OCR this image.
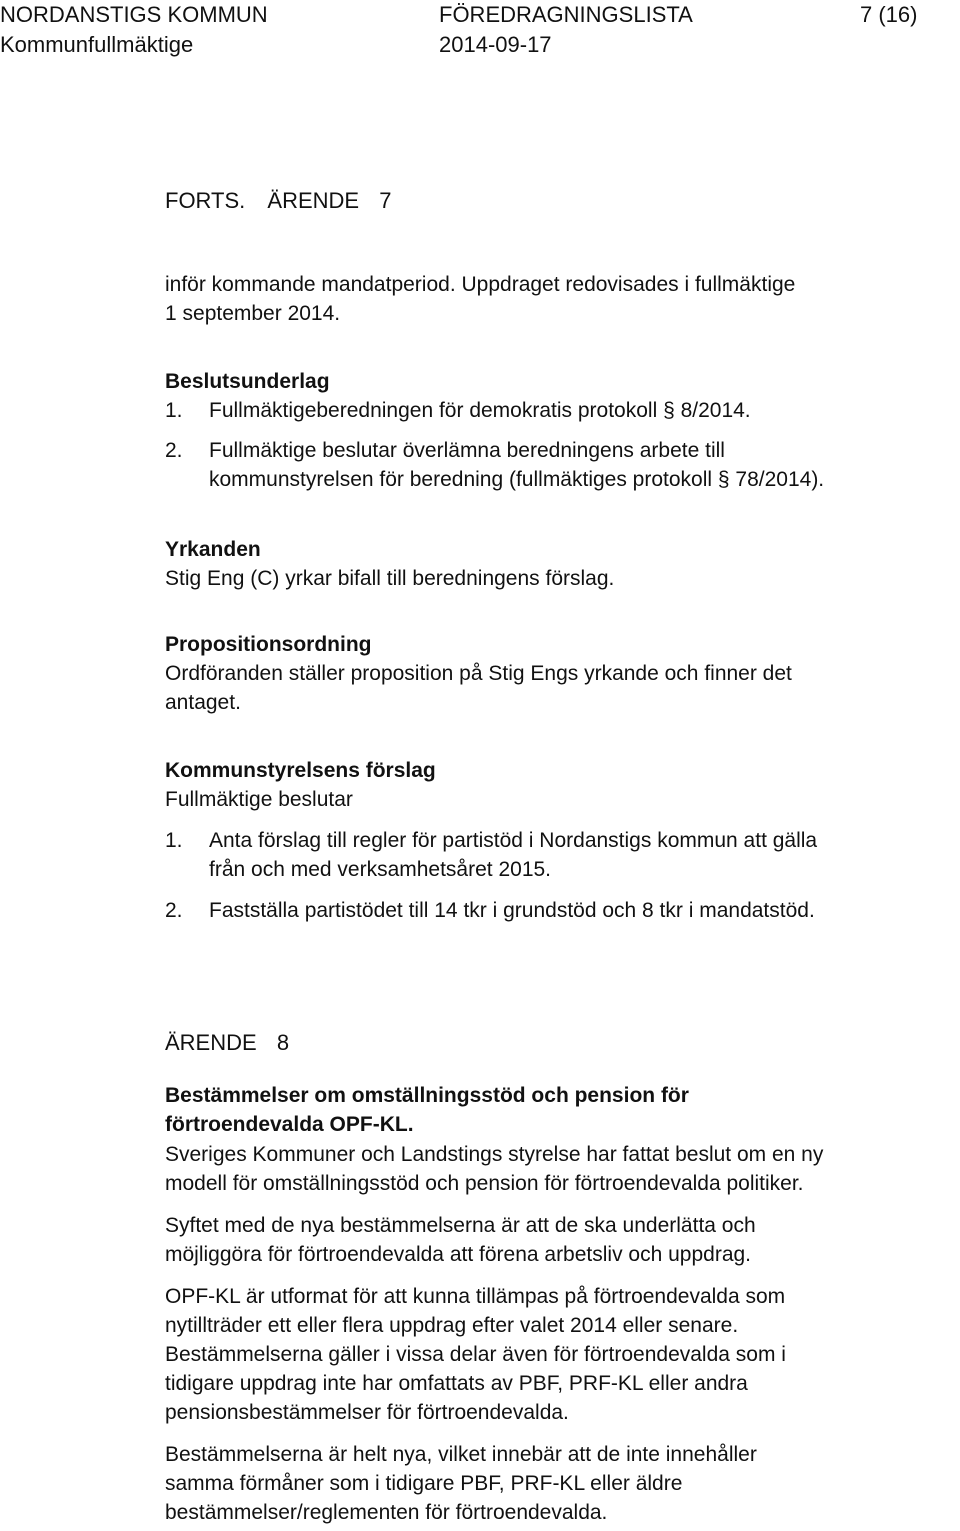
NORDANSTIGS KOMMUN	FÖREDRAGNINGSLISTA	7 (16)
Kommunfullmäktige	2014-09-17
FORTS. ÄRENDE 7
inför kommande mandatperiod. Uppdraget redovisades i fullmäktige
1 september 2014.
Beslutsunderlag
1. Fullmäktigeberedningen för demokratis protokoll § 8/2014.
2. Fullmäktige beslutar överlämna beredningens arbete till
kommunstyrelsen för beredning (fullmäktiges protokoll § 78/2014).
Yrkanden
Stig Eng (C) yrkar bifall till beredningens förslag.
Propositionsordning
Ordföranden ställer proposition på Stig Engs yrkande och finner det
antaget.
Kommunstyrelsens förslag
Fullmäktige beslutar
1. Anta förslag till regler för partistöd i Nordanstigs kommun att gälla
från och med verksamhetsåret 2015.
2. Fastställa partistödet till 14 tkr i grundstöd och 8 tkr i mandatstöd.
ÄRENDE 8
Bestämmelser om omställningsstöd och pension för
förtroendevalda OPF-KL.
Sveriges Kommuner och Landstings styrelse har fattat beslut om en ny
modell för omställningsstöd och pension för förtroendevalda politiker.
Syftet med de nya bestämmelserna är att de ska underlätta och
möjliggöra för förtroendevalda att förena arbetsliv och uppdrag.
OPF-KL är utformat för att kunna tillämpas på förtroendevalda som
nytillträder ett eller flera uppdrag efter valet 2014 eller senare.
Bestämmelserna gäller i vissa delar även för förtroendevalda som i
tidigare uppdrag inte har omfattats av PBF, PRF-KL eller andra
pensionsbestämmelser för förtroendevalda.
Bestämmelserna är helt nya, vilket innebär att de inte innehåller
samma förmåner som i tidigare PBF, PRF-KL eller äldre
bestämmelser/reglementen för förtroendevalda.
